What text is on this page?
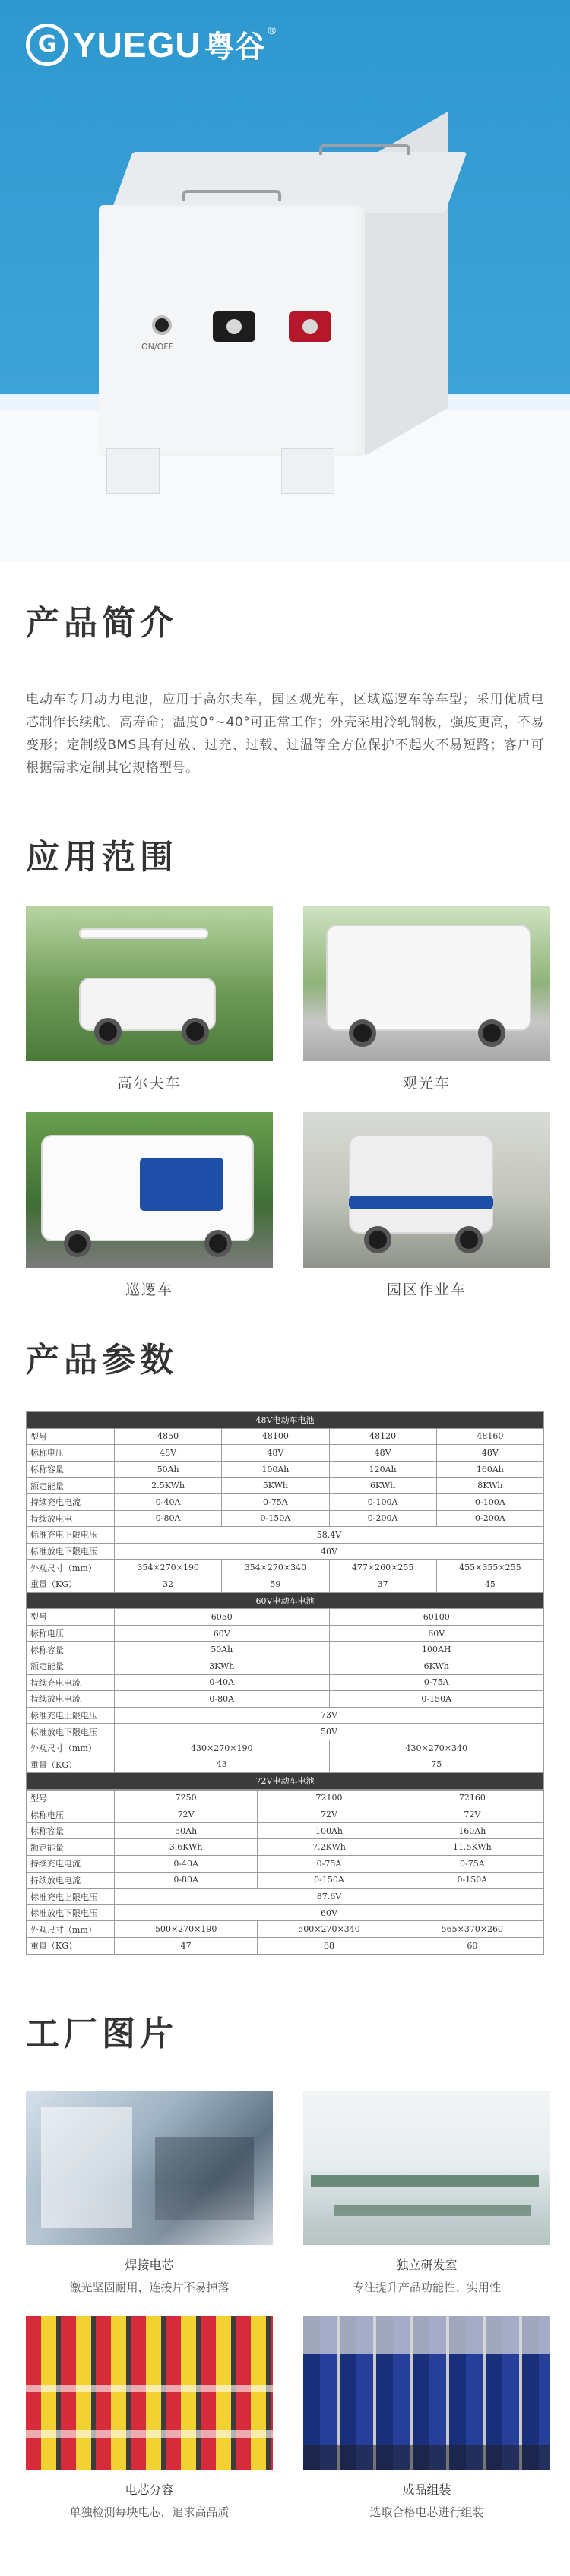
G YUEGU 粤谷 ®
ON/OFF
产品简介

电动车专用动力电池，应用于高尔夫车，园区观光车，区域巡逻车等车型；采用优质电芯制作长续航、高寿命；温度0°~40°可正常工作；外壳采用冷轧钢板，强度更高，不易变形；定制级BMS具有过放、过充、过载、过温等全方位保护不起火不易短路；客户可根据需求定制其它规格型号。

应用范围
高尔夫车	观光车
巡逻车	园区作业车
产品参数
48V电动车电池				
型号	4850	48100	48120	48160
标称电压	48V	48V	48V	48V
标称容量	50Ah	100Ah	120Ah	160Ah
额定能量	2.5KWh	5KWh	6KWh	8KWh
持续充电电流	0-40A	0-75A	0-100A	0-100A
持续放电电	0-80A	0-150A	0-200A	0-200A
标准充电上限电压	58.4V			
标准放电下限电压	40V			
外观尺寸（mm）	354×270×190	354×270×340	477×260×255	455×355×255
重量（KG）	32	59	37	45
60V电动车电池				
型号	6050		60100	
标称电压	60V		60V	
标称容量	50Ah		100AH	
额定能量	3KWh		6KWh	
持续充电电流	0-40A		0-75A	
持续放电电流	0-80A		0-150A	
标准充电上限电压	73V			
标准放电下限电压	50V			
外观尺寸（mm）	430×270×190		430×270×340	
重量（KG）	43		75	
72V电动车电池				
型号	7250	72100	72160
标称电压	72V	72V	72V
标称容量	50Ah	100Ah	160Ah
额定能量	3.6KWh	7.2KWh	11.5KWh
持续充电电流	0-40A	0-75A	0-75A
持续放电电流	0-80A	0-150A	0-150A
标准充电上限电压	87.6V		
标准放电下限电压	60V		
外观尺寸（mm）	500×270×190	500×270×340	565×370×260
重量（KG）	47	88	60
工厂图片
焊接电芯
激光坚固耐用，连接片不易掉落
独立研发室
专注提升产品功能性、实用性
电芯分容
单独检测每块电芯，追求高品质
成品组装
选取合格电芯进行组装
